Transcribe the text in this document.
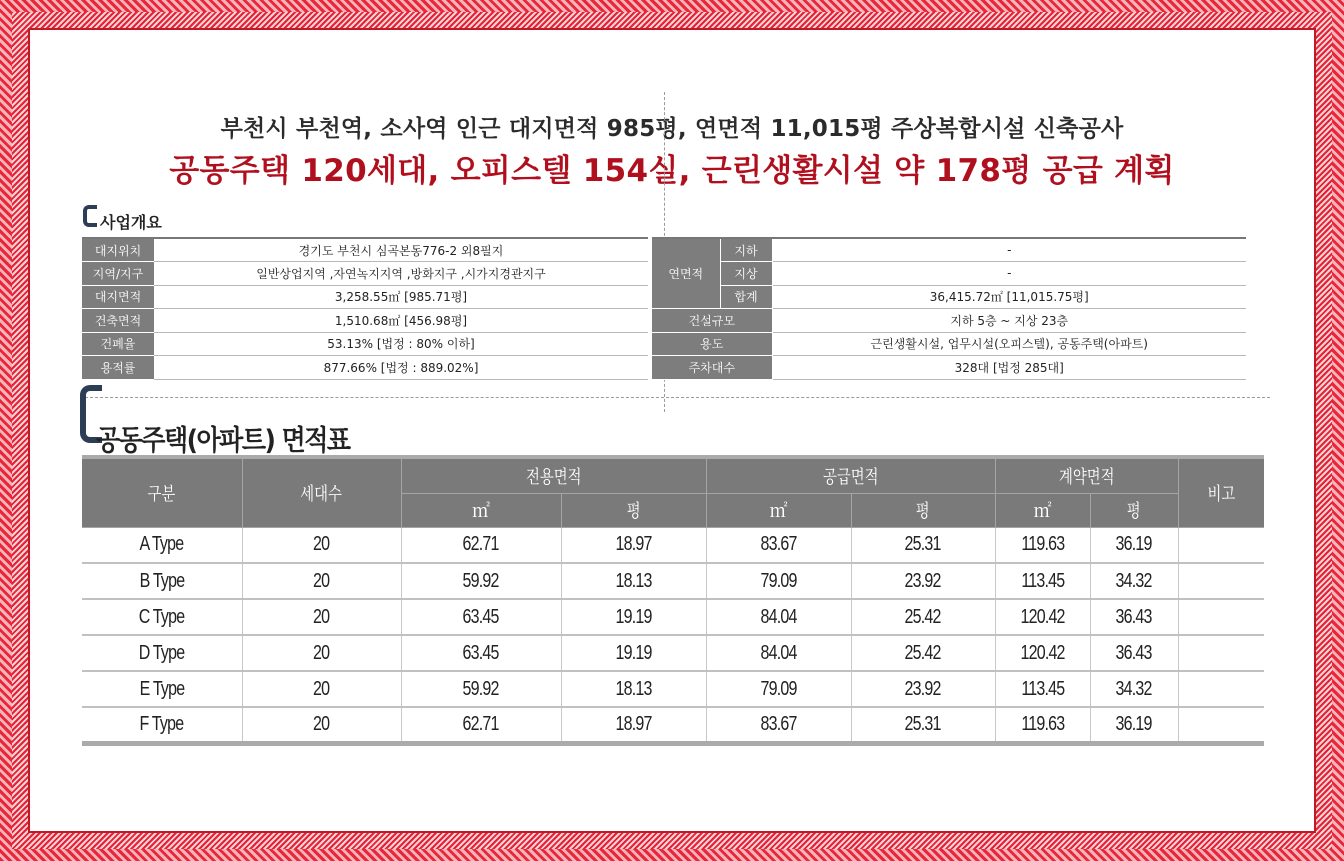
부천시 부천역, 소사역 인근 대지면적 985평, 연면적 11,015평 주상복합시설 신축공사
공동주택 120세대, 오피스텔 154실, 근린생활시설 약 178평 공급 계획
사업개요
대지위치	경기도 부천시 심곡본동776-2 외8필지
지역/지구	일반상업지역 ,자연녹지지역 ,방화지구 ,시가지경관지구
대지면적	3,258.55㎡ [985.71평]
건축면적	1,510.68㎡ [456.98평]
건폐율	53.13% [법정 : 80% 이하]
용적률	877.66% [법정 : 889.02%]
연면적	지하	-
	지상	-
	합계	36,415.72㎡ [11,015.75평]
건설규모		지하 5층 ~ 지상 23층
용도		근린생활시설, 업무시설(오피스텔), 공동주택(아파트)
주차대수		328대 [법정 285대]
공동주택(아파트) 면적표
구분	세대수	전용면적		공급면적		계약면적		비고
		㎡	평	㎡	평	㎡	평	
A Type	20	62.71	18.97	83.67	25.31	119.63	36.19	
B Type	20	59.92	18.13	79.09	23.92	113.45	34.32	
C Type	20	63.45	19.19	84.04	25.42	120.42	36.43	
D Type	20	63.45	19.19	84.04	25.42	120.42	36.43	
E Type	20	59.92	18.13	79.09	23.92	113.45	34.32	
F Type	20	62.71	18.97	83.67	25.31	119.63	36.19	
